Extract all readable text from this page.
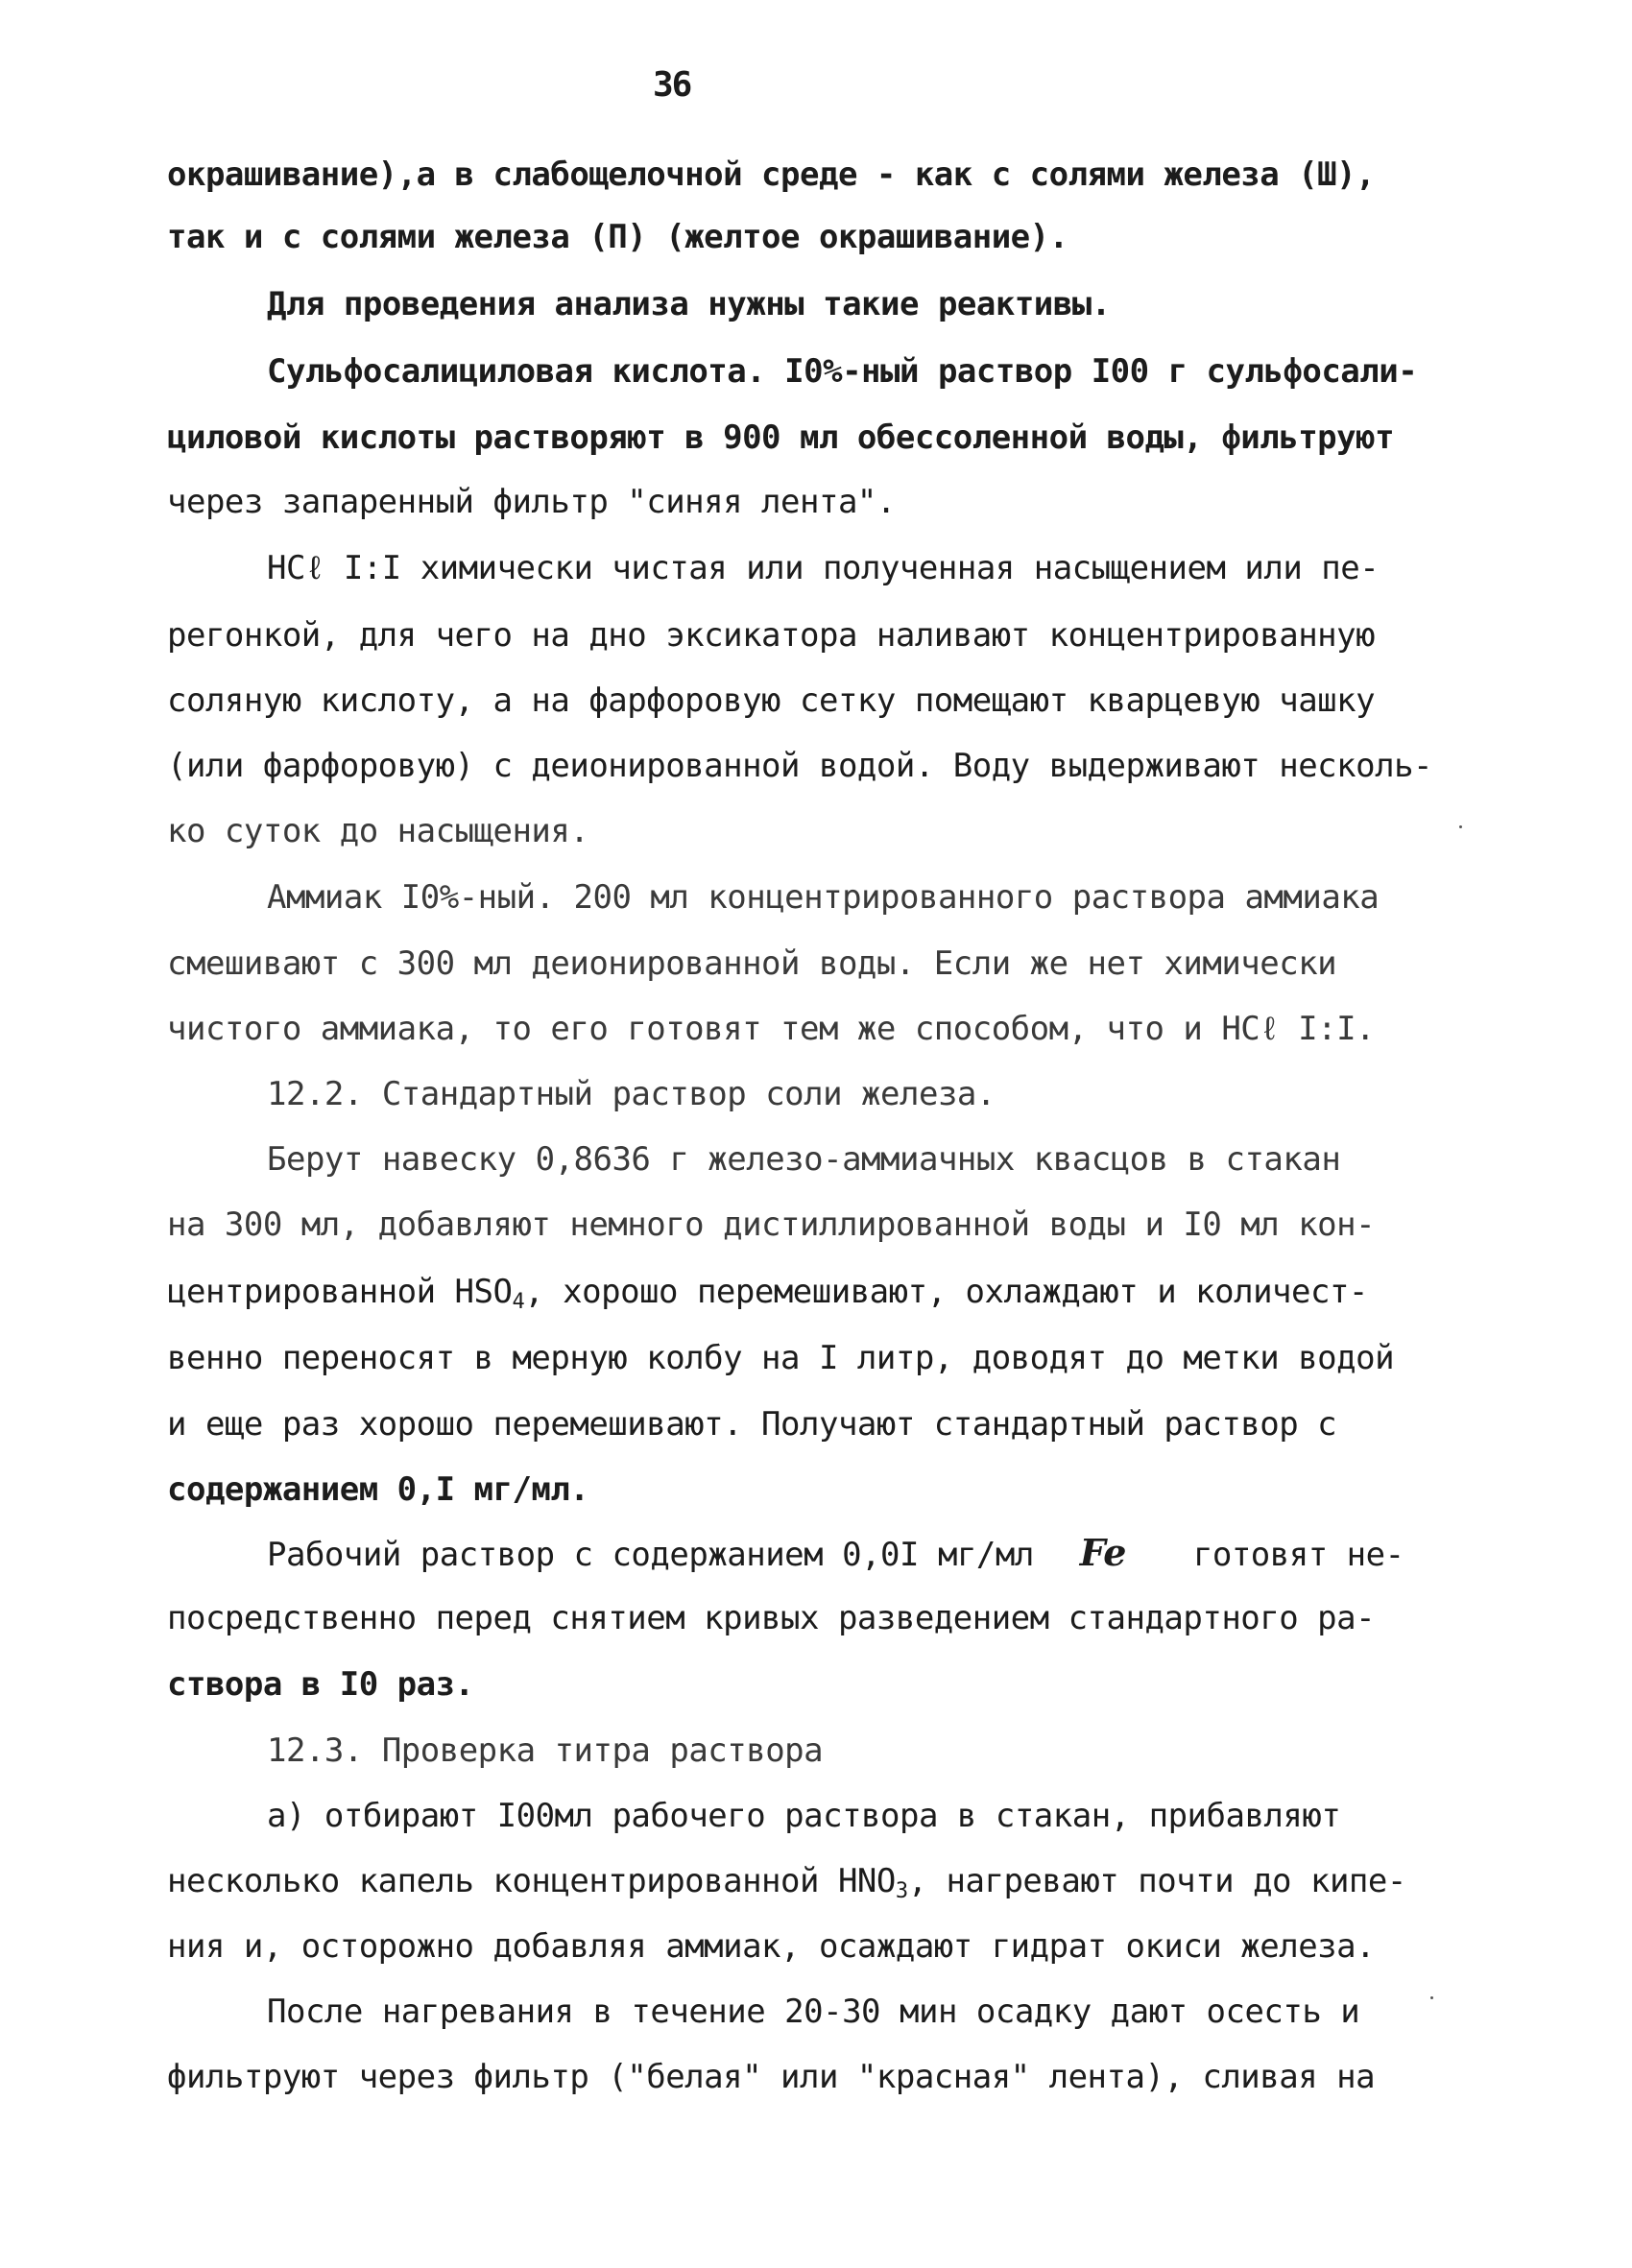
36
окрашивание),а в слабощелочной среде - как с солями железа (Ш),
так и с солями железа (П) (желтое окрашивание).
Для проведения анализа нужны такие реактивы.
Сульфосалициловая кислота. I0%-ный раствор I00 г сульфосали-
циловой кислоты растворяют в 900 мл обессоленной воды, фильтруют
через запаренный фильтр "синяя лента".
HCℓ I:I химически чистая или полученная насыщением или пе-
регонкой, для чего на дно эксикатора наливают концентрированную
соляную кислоту, а на фарфоровую сетку помещают кварцевую чашку
(или фарфоровую) с деионированной водой. Воду выдерживают несколь-
ко суток до насыщения.
Аммиак I0%-ный. 200 мл концентрированного раствора аммиака
смешивают с 300 мл деионированной воды. Если же нет химически
чистого аммиака, то его готовят тем же способом, что и HCℓ I:I.
12.2. Стандартный раствор соли железа.
Берут навеску 0,8636 г железо-аммиачных квасцов в стакан
на 300 мл, добавляют немного дистиллированной воды и I0 мл кон-
центрированной $HSO_4$, хорошо перемешивают, охлаждают и количест-
венно переносят в мерную колбу на I литр, доводят до метки водой
и еще раз хорошо перемешивают. Получают стандартный раствор с
содержанием 0,I мг/мл.
Рабочий раствор с содержанием 0,0I мг/мл Fe готовят не-
посредственно перед снятием кривых разведением стандартного ра-
створа в I0 раз.
12.3. Проверка титра раствора
а) отбирают I00мл рабочего раствора в стакан, прибавляют
несколько капель концентрированной $HNO_3$, нагревают почти до кипе-
ния и, осторожно добавляя аммиак, осаждают гидрат окиси железа.
После нагревания в течение 20-30 мин осадку дают осесть и
фильтруют через фильтр ("белая" или "красная" лента), сливая на
